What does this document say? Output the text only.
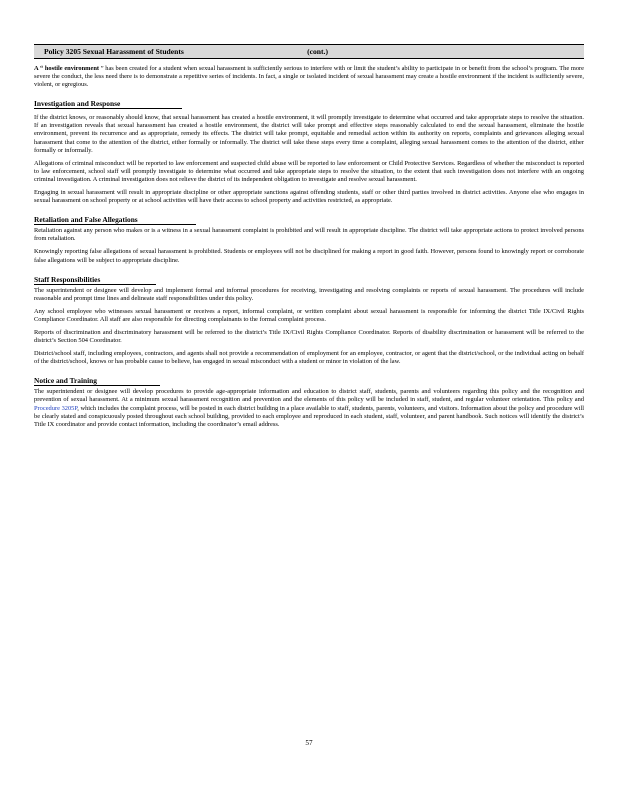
Policy 3205 Sexual Harassment of Students	(cont.)

A “ hostile environment ” has been created for a student when sexual harassment is sufficiently serious to interfere with or limit the student’s ability to participate in or benefit from the school’s program. The more severe the conduct, the less need there is to demonstrate a repetitive series of incidents. In fact, a single or isolated incident of sexual harassment may create a hostile environment if the incident is sufficiently severe, violent, or egregious.

Investigation and Response

If the district knows, or reasonably should know, that sexual harassment has created a hostile environment, it will promptly investigate to determine what occurred and take appropriate steps to resolve the situation. If an investigation reveals that sexual harassment has created a hostile environment, the district will take prompt and effective steps reasonably calculated to end the sexual harassment, eliminate the hostile environment, prevent its recurrence and as appropriate, remedy its effects. The district will take prompt, equitable and remedial action within its authority on reports, complaints and grievances alleging sexual harassment that come to the attention of the district, either formally or informally. The district will take these steps every time a complaint, alleging sexual harassment comes to the attention of the district, either formally or informally.

Allegations of criminal misconduct will be reported to law enforcement and suspected child abuse will be reported to law enforcement or Child Protective Services. Regardless of whether the misconduct is reported to law enforcement, school staff will promptly investigate to determine what occurred and take appropriate steps to resolve the situation, to the extent that such investigation does not interfere with an ongoing criminal investigation. A criminal investigation does not relieve the district of its independent obligation to investigate and resolve sexual harassment.

Engaging in sexual harassment will result in appropriate discipline or other appropriate sanctions against offending students, staff or other third parties involved in district activities. Anyone else who engages in sexual harassment on school property or at school activities will have their access to school property and activities restricted, as appropriate.

Retaliation and False Allegations

Retaliation against any person who makes or is a witness in a sexual harassment complaint is prohibited and will result in appropriate discipline. The district will take appropriate actions to protect involved persons from retaliation.

Knowingly reporting false allegations of sexual harassment is prohibited. Students or employees will not be disciplined for making a report in good faith. However, persons found to knowingly report or corroborate false allegations will be subject to appropriate discipline.

Staff Responsibilities

The superintendent or designee will develop and implement formal and informal procedures for receiving, investigating and resolving complaints or reports of sexual harassment. The procedures will include reasonable and prompt time lines and delineate staff responsibilities under this policy.

Any school employee who witnesses sexual harassment or receives a report, informal complaint, or written complaint about sexual harassment is responsible for informing the district Title IX/Civil Rights Compliance Coordinator. All staff are also responsible for directing complainants to the formal complaint process.

Reports of discrimination and discriminatory harassment will be referred to the district’s Title IX/Civil Rights Compliance Coordinator. Reports of disability discrimination or harassment will be referred to the district’s Section 504 Coordinator.

District/school staff, including employees, contractors, and agents shall not provide a recommendation of employment for an employee, contractor, or agent that the district/school, or the individual acting on behalf of the district/school, knows or has probable cause to believe, has engaged in sexual misconduct with a student or minor in violation of the law.

Notice and Training

The superintendent or designee will develop procedures to provide age-appropriate information and education to district staff, students, parents and volunteers regarding this policy and the recognition and prevention of sexual harassment. At a minimum sexual harassment recognition and prevention and the elements of this policy will be included in staff, student, and regular volunteer orientation. This policy and Procedure 3205P, which includes the complaint process, will be posted in each district building in a place available to staff, students, parents, volunteers, and visitors. Information about the policy and procedure will be clearly stated and conspicuously posted throughout each school building, provided to each employee and reproduced in each student, staff, volunteer, and parent handbook. Such notices will identify the district’s Title IX coordinator and provide contact information, including the coordinator’s email address.

57
